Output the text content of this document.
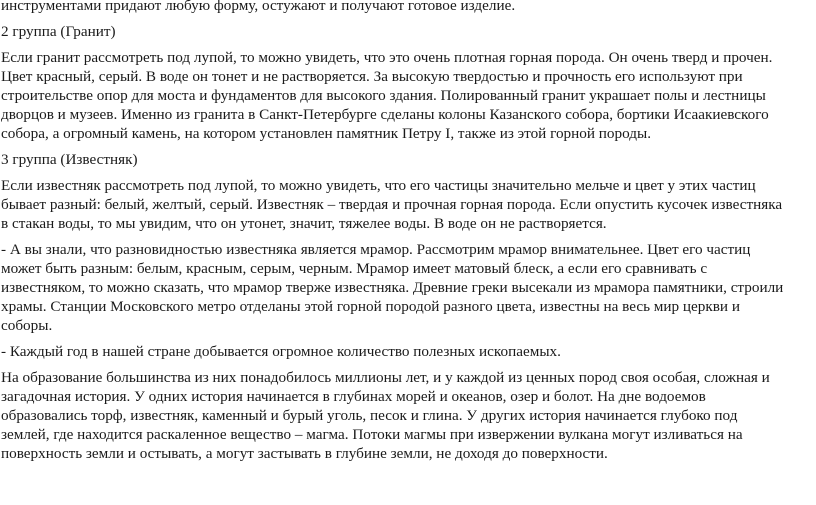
инструментами придают любую форму, остужают и получают готовое изделие.

2 группа (Гранит)

Если гранит рассмотреть под лупой, то можно увидеть, что это очень плотная горная порода. Он очень тверд и прочен.
Цвет красный, серый. В воде он тонет и не растворяется. За высокую твердостью и прочность его используют при
строительстве опор для моста и фундаментов для высокого здания. Полированный гранит украшает полы и лестницы
дворцов и музеев. Именно из гранита в Санкт-Петербурге сделаны колоны Казанского собора, бортики Исаакиевского
собора, а огромный камень, на котором установлен памятник Петру I, также из этой горной породы.

3 группа (Известняк)

Если известняк рассмотреть под лупой, то можно увидеть, что его частицы значительно мельче и цвет у этих частиц
бывает разный: белый, желтый, серый. Известняк – твердая и прочная горная порода. Если опустить кусочек известняка
в стакан воды, то мы увидим, что он утонет, значит, тяжелее воды. В воде он не растворяется.

- А вы знали, что разновидностью известняка является мрамор. Рассмотрим мрамор внимательнее. Цвет его частиц
может быть разным: белым, красным, серым, черным. Мрамор имеет матовый блеск, а если его сравнивать с
известняком, то можно сказать, что мрамор тверже известняка. Древние греки высекали из мрамора памятники, строили
храмы. Станции Московского метро отделаны этой горной породой разного цвета, известны на весь мир церкви и
соборы.

- Каждый год в нашей стране добывается огромное количество полезных ископаемых.

На образование большинства из них понадобилось миллионы лет, и у каждой из ценных пород своя особая, сложная и
загадочная история. У одних история начинается в глубинах морей и океанов, озер и болот. На дне водоемов
образовались торф, известняк, каменный и бурый уголь, песок и глина. У других история начинается глубоко под
землей, где находится раскаленное вещество – магма. Потоки магмы при извержении вулкана могут изливаться на
поверхность земли и остывать, а могут застывать в глубине земли, не доходя до поверхности.
